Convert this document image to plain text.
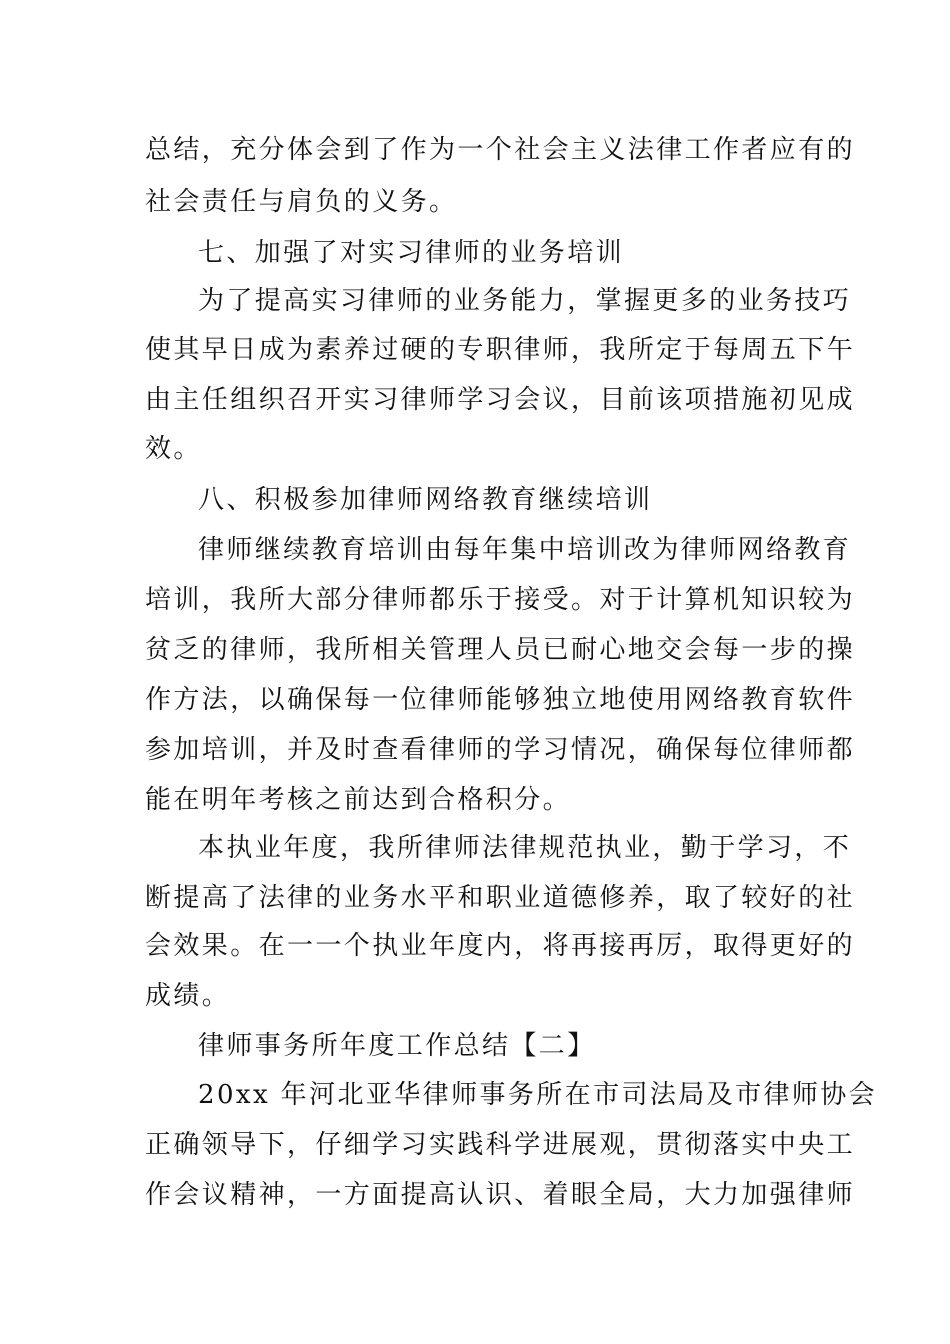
总结，充分体会到了作为一个社会主义法律工作者应有的
社会责任与肩负的义务。
七、加强了对实习律师的业务培训
为了提高实习律师的业务能力，掌握更多的业务技巧
使其早日成为素养过硬的专职律师，我所定于每周五下午
由主任组织召开实习律师学习会议，目前该项措施初见成
效。
八、积极参加律师网络教育继续培训
律师继续教育培训由每年集中培训改为律师网络教育
培训，我所大部分律师都乐于接受。对于计算机知识较为
贫乏的律师，我所相关管理人员已耐心地交会每一步的操
作方法，以确保每一位律师能够独立地使用网络教育软件
参加培训，并及时查看律师的学习情况，确保每位律师都
能在明年考核之前达到合格积分。
本执业年度，我所律师法律规范执业，勤于学习，不
断提高了法律的业务水平和职业道德修养，取了较好的社
会效果。在一一个执业年度内，将再接再厉，取得更好的
成绩。
律师事务所年度工作总结【二】
20xx 年河北亚华律师事务所在市司法局及市律师协会
正确领导下，仔细学习实践科学进展观，贯彻落实中央工
作会议精神，一方面提高认识、着眼全局，大力加强律师
